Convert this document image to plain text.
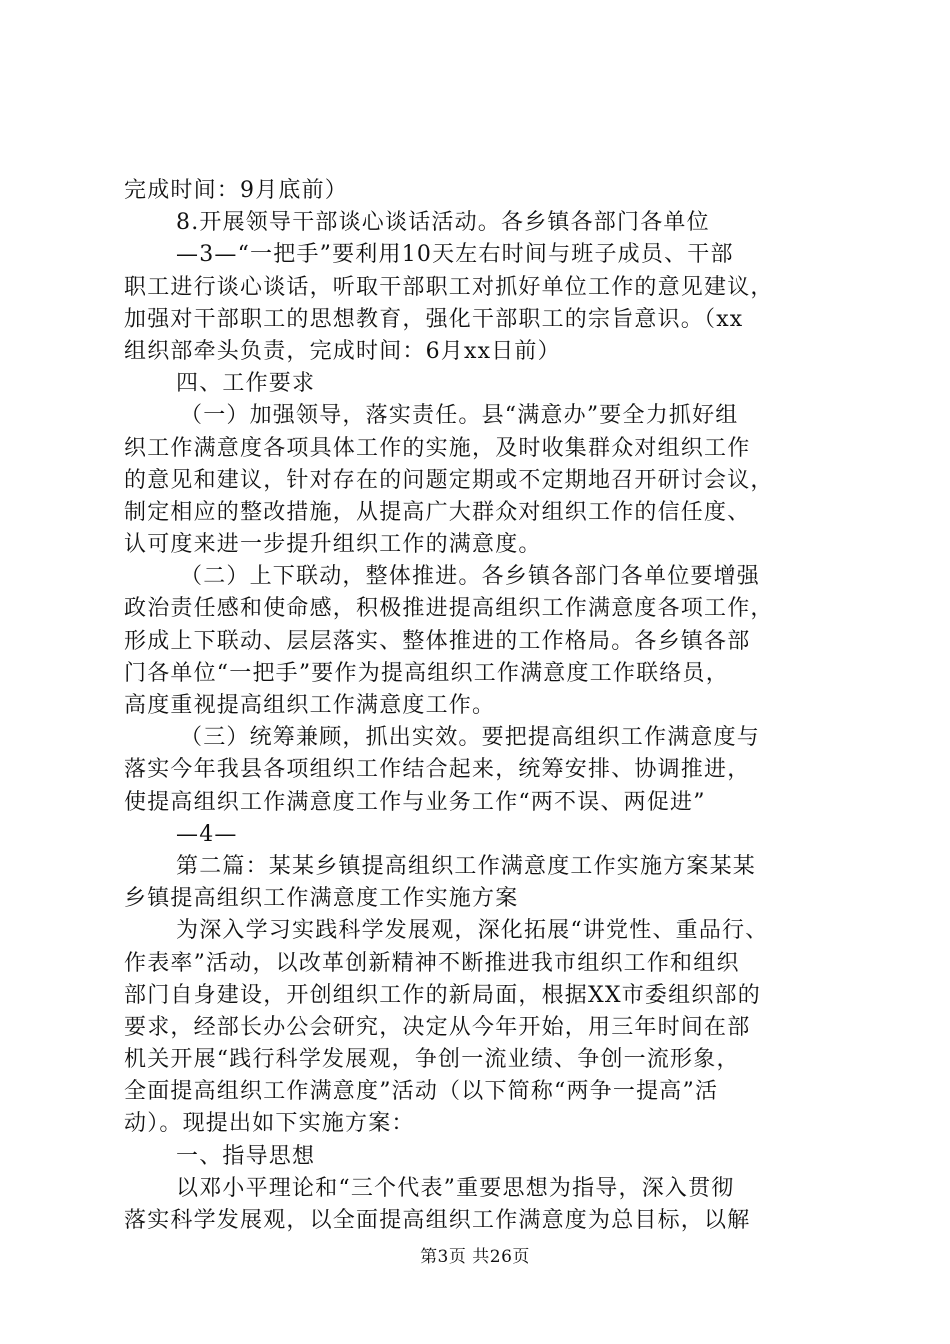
完成时间：9月底前）
8.开展领导干部谈心谈话活动。各乡镇各部门各单位
—3—“一把手”要利用10天左右时间与班子成员、干部
职工进行谈心谈话，听取干部职工对抓好单位工作的意见建议，
加强对干部职工的思想教育，强化干部职工的宗旨意识。（xx
组织部牵头负责，完成时间：6月xx日前）
四、工作要求
（一）加强领导，落实责任。县“满意办”要全力抓好组
织工作满意度各项具体工作的实施，及时收集群众对组织工作
的意见和建议，针对存在的问题定期或不定期地召开研讨会议，
制定相应的整改措施，从提高广大群众对组织工作的信任度、
认可度来进一步提升组织工作的满意度。
（二）上下联动，整体推进。各乡镇各部门各单位要增强
政治责任感和使命感，积极推进提高组织工作满意度各项工作，
形成上下联动、层层落实、整体推进的工作格局。各乡镇各部
门各单位“一把手”要作为提高组织工作满意度工作联络员，
高度重视提高组织工作满意度工作。
（三）统筹兼顾，抓出实效。要把提高组织工作满意度与
落实今年我县各项组织工作结合起来，统筹安排、协调推进，
使提高组织工作满意度工作与业务工作“两不误、两促进”
—4—
第二篇：某某乡镇提高组织工作满意度工作实施方案某某
乡镇提高组织工作满意度工作实施方案
为深入学习实践科学发展观，深化拓展“讲党性、重品行、
作表率”活动，以改革创新精神不断推进我市组织工作和组织
部门自身建设，开创组织工作的新局面，根据XX市委组织部的
要求，经部长办公会研究，决定从今年开始，用三年时间在部
机关开展“践行科学发展观，争创一流业绩、争创一流形象，
全面提高组织工作满意度”活动（以下简称“两争一提高”活
动）。现提出如下实施方案：
一、指导思想
以邓小平理论和“三个代表”重要思想为指导，深入贯彻
落实科学发展观，以全面提高组织工作满意度为总目标，以解
第3页 共26页
